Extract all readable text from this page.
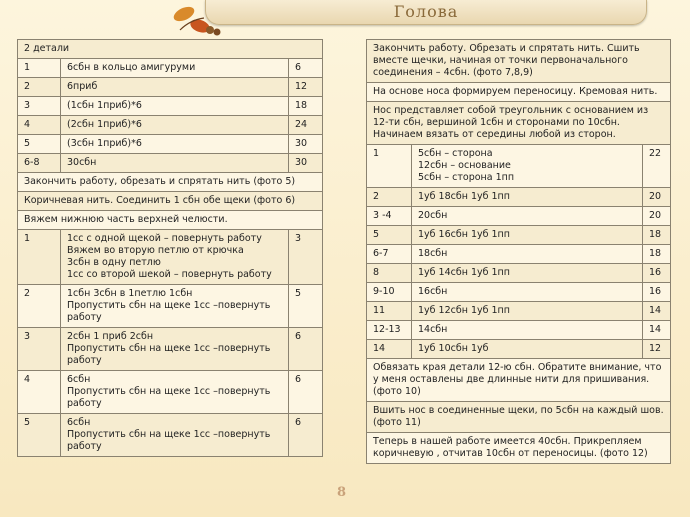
Голова
2 детали		
1	6сбн в кольцо амигуруми	6
2	6приб	12
3	(1сбн 1приб)*6	18
4	(2сбн 1приб)*6	24
5	(3сбн 1приб)*6	30
6-8	30сбн	30
Закончить работу, обрезать и спрятать нить (фото 5)		
Коричневая нить. Соединить 1 сбн обе щеки (фото 6)		
Вяжем нижнюю часть верхней челюсти.		
1	1сс с одной щекой – повернуть работу
Вяжем во вторую петлю от крючка
3сбн в одну петлю
1сс со второй шекой – повернуть работу	3
2	1сбн 3сбн в 1петлю 1сбн
Пропустить сбн на щеке 1сс –повернуть
работу	5
3	2сбн 1 приб 2сбн
Пропустить сбн на щеке 1сс –повернуть
работу	6
4	6сбн
Пропустить сбн на щеке 1сс –повернуть
работу	6
5	6сбн
Пропустить сбн на щеке 1сс –повернуть
работу	6
Закончить работу. Обрезать и спрятать нить. Сшить вместе щечки, начиная от точки первоначального соединения – 4сбн. (фото 7,8,9)		
На основе носа формируем переносицу. Кремовая нить.		
Нос представляет собой треугольник с основанием из 12-ти сбн, вершиной 1сбн и сторонами по 10сбн. Начинаем вязать от середины любой из сторон.		
1	5сбн – сторона
12сбн – основание
5сбн – сторона 1пп	22
2	1уб 18сбн 1уб 1пп	20
3 -4	20сбн	20
5	1уб 16сбн 1уб 1пп	18
6-7	18сбн	18
8	1уб 14сбн 1уб 1пп	16
9-10	16сбн	16
11	1уб 12сбн 1уб 1пп	14
12-13	14сбн	14
14	1уб 10сбн 1уб	12
Обвязать края детали 12-ю сбн. Обратите внимание, что у меня оставлены две длинные нити для пришивания. (фото 10)		
Вшить нос в соединенные щеки, по 5сбн на каждый шов. (фото 11)		
Теперь в нашей работе имеется 40сбн. Прикрепляем коричневую , отчитав 10сбн от переносицы. (фото 12)		
8
